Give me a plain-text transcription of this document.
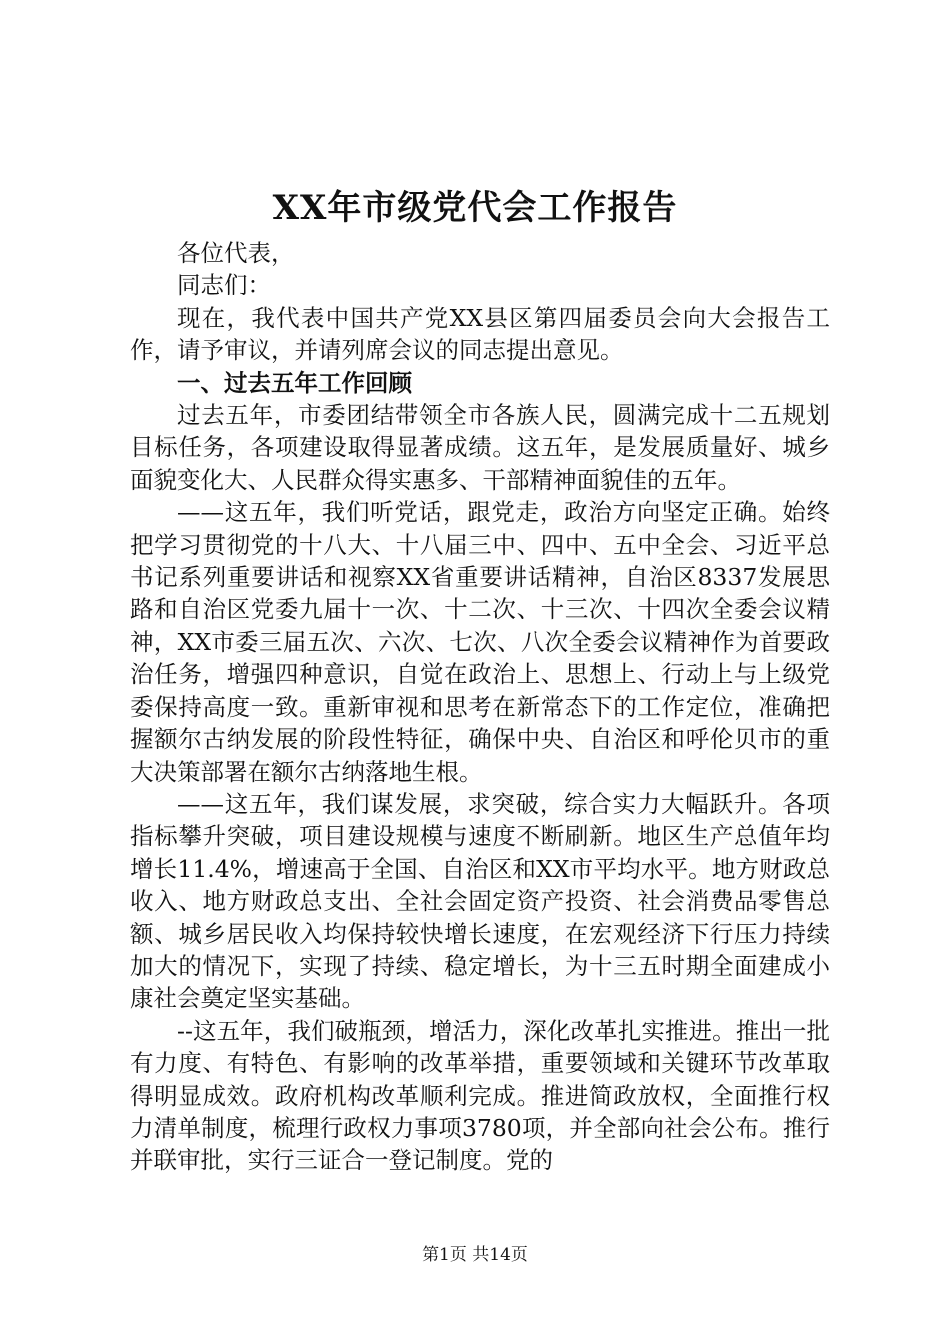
XX年市级党代会工作报告

各位代表，

同志们：

现在，我代表中国共产党XX县区第四届委员会向大会报告工作，请予审议，并请列席会议的同志提出意见。

一、过去五年工作回顾

过去五年，市委团结带领全市各族人民，圆满完成十二五规划目标任务，各项建设取得显著成绩。这五年，是发展质量好、城乡面貌变化大、人民群众得实惠多、干部精神面貌佳的五年。

——这五年，我们听党话，跟党走，政治方向坚定正确。始终把学习贯彻党的十八大、十八届三中、四中、五中全会、习近平总书记系列重要讲话和视察XX省重要讲话精神，自治区8337发展思路和自治区党委九届十一次、十二次、十三次、十四次全委会议精神，XX市委三届五次、六次、七次、八次全委会议精神作为首要政治任务，增强四种意识，自觉在政治上、思想上、行动上与上级党委保持高度一致。重新审视和思考在新常态下的工作定位，准确把握额尔古纳发展的阶段性特征，确保中央、自治区和呼伦贝市的重大决策部署在额尔古纳落地生根。

——这五年，我们谋发展，求突破，综合实力大幅跃升。各项指标攀升突破，项目建设规模与速度不断刷新。地区生产总值年均增长11.4%，增速高于全国、自治区和XX市平均水平。地方财政总收入、地方财政总支出、全社会固定资产投资、社会消费品零售总额、城乡居民收入均保持较快增长速度，在宏观经济下行压力持续加大的情况下，实现了持续、稳定增长，为十三五时期全面建成小康社会奠定坚实基础。

--这五年，我们破瓶颈，增活力，深化改革扎实推进。推出一批有力度、有特色、有影响的改革举措，重要领域和关键环节改革取得明显成效。政府机构改革顺利完成。推进简政放权，全面推行权力清单制度，梳理行政权力事项3780项，并全部向社会公布。推行并联审批，实行三证合一登记制度。党的

第1页 共14页
